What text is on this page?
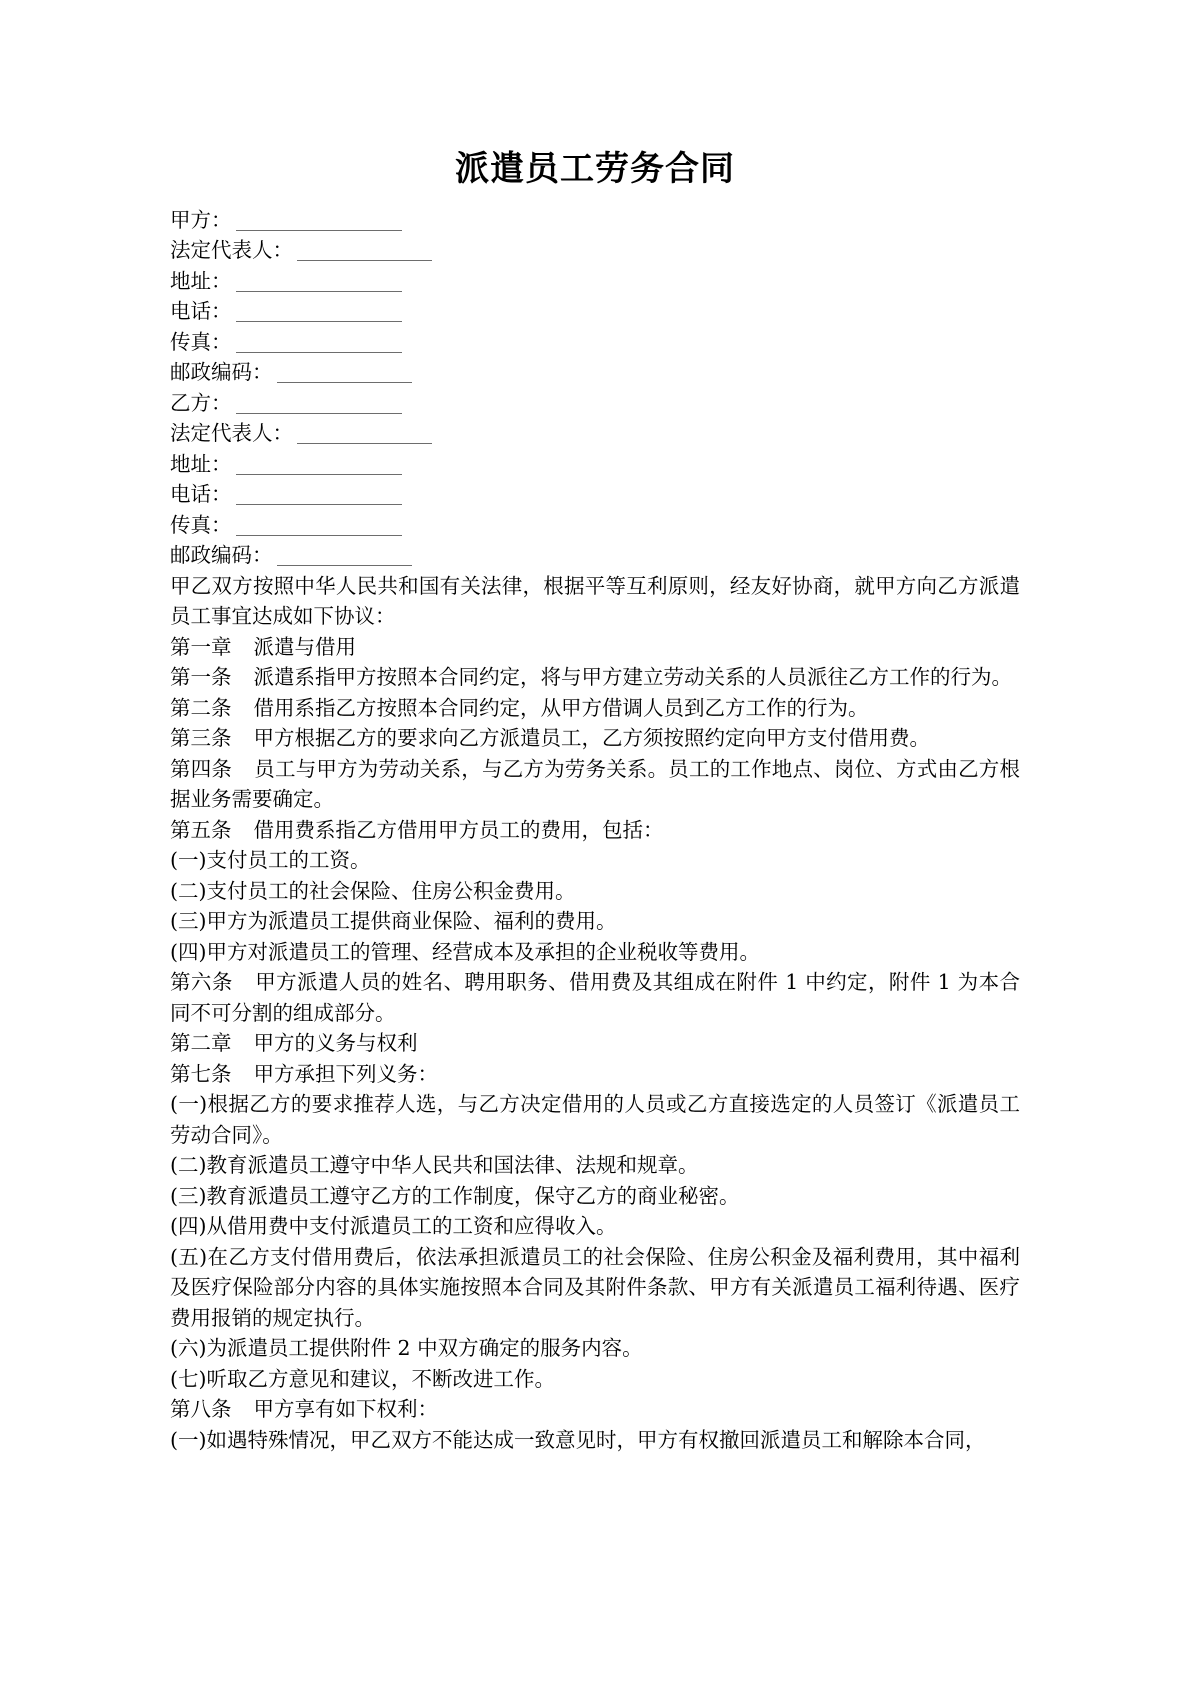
派遣员工劳务合同
甲方：
法定代表人：
地址：
电话：
传真：
邮政编码：
乙方：
法定代表人：
地址：
电话：
传真：
邮政编码：

甲乙双方按照中华人民共和国有关法律，根据平等互利原则，经友好协商，就甲方向乙方派遣员工事宜达成如下协议：

第一章 派遣与借用

第一条 派遣系指甲方按照本合同约定，将与甲方建立劳动关系的人员派往乙方工作的行为。

第二条 借用系指乙方按照本合同约定，从甲方借调人员到乙方工作的行为。

第三条 甲方根据乙方的要求向乙方派遣员工，乙方须按照约定向甲方支付借用费。

第四条 员工与甲方为劳动关系，与乙方为劳务关系。员工的工作地点、岗位、方式由乙方根据业务需要确定。

第五条 借用费系指乙方借用甲方员工的费用，包括：

(一)支付员工的工资。

(二)支付员工的社会保险、住房公积金费用。

(三)甲方为派遣员工提供商业保险、福利的费用。

(四)甲方对派遣员工的管理、经营成本及承担的企业税收等费用。

第六条 甲方派遣人员的姓名、聘用职务、借用费及其组成在附件 1 中约定，附件 1 为本合同不可分割的组成部分。

第二章 甲方的义务与权利

第七条 甲方承担下列义务：

(一)根据乙方的要求推荐人选，与乙方决定借用的人员或乙方直接选定的人员签订《派遣员工劳动合同》。

(二)教育派遣员工遵守中华人民共和国法律、法规和规章。

(三)教育派遣员工遵守乙方的工作制度，保守乙方的商业秘密。

(四)从借用费中支付派遣员工的工资和应得收入。

(五)在乙方支付借用费后，依法承担派遣员工的社会保险、住房公积金及福利费用，其中福利及医疗保险部分内容的具体实施按照本合同及其附件条款、甲方有关派遣员工福利待遇、医疗费用报销的规定执行。

(六)为派遣员工提供附件 2 中双方确定的服务内容。

(七)听取乙方意见和建议，不断改进工作。

第八条 甲方享有如下权利：

(一)如遇特殊情况，甲乙双方不能达成一致意见时，甲方有权撤回派遣员工和解除本合同，
